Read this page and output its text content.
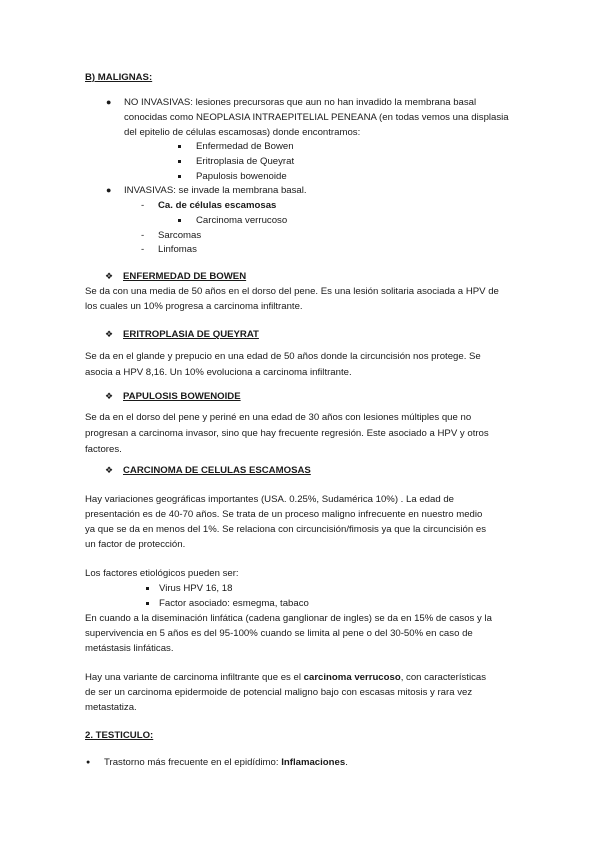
B) MALIGNAS:
● NO INVASIVAS: lesiones precursoras que aun no han invadido la membrana basal
conocidas como NEOPLASIA INTRAEPITELIAL PENEANA (en todas vemos una displasia
del epitelio de células escamosas) donde encontramos:
Enfermedad de Bowen
Eritroplasia de Queyrat
Papulosis bowenoide
● INVASIVAS: se invade la membrana basal.
- Ca. de células escamosas
Carcinoma verrucoso
- Sarcomas
- Linfomas
❖ ENFERMEDAD DE BOWEN
Se da con una media de 50 años en el dorso del pene. Es una lesión solitaria asociada a HPV de
los cuales un 10% progresa a carcinoma infiltrante.
❖ ERITROPLASIA DE QUEYRAT
Se da en el glande y prepucio en una edad de 50 años donde la circuncisión nos protege. Se
asocia a HPV 8,16. Un 10% evoluciona a carcinoma infiltrante.
❖ PAPULOSIS BOWENOIDE
Se da en el dorso del pene y periné en una edad de 30 años con lesiones múltiples que no
progresan a carcinoma invasor, sino que hay frecuente regresión. Este asociado a HPV y otros
factores.
❖ CARCINOMA DE CELULAS ESCAMOSAS
Hay variaciones geográficas importantes (USA. 0.25%, Sudamérica 10%) . La edad de
presentación es de 40-70 años. Se trata de un proceso maligno infrecuente en nuestro medio
ya que se da en menos del 1%. Se relaciona con circuncisión/fimosis ya que la circuncisión es
un factor de protección.
Los factores etiológicos pueden ser:
Virus HPV 16, 18
Factor asociado: esmegma, tabaco
En cuando a la diseminación linfática (cadena ganglionar de ingles) se da en 15% de casos y la
supervivencia en 5 años es del 95-100% cuando se limita al pene o del 30-50% en caso de
metástasis linfáticas.
Hay una variante de carcinoma infiltrante que es el carcinoma verrucoso, con características
de ser un carcinoma epidermoide de potencial maligno bajo con escasas mitosis y rara vez
metastatiza.
2. TESTICULO:
● Trastorno más frecuente en el epidídimo: Inflamaciones.
